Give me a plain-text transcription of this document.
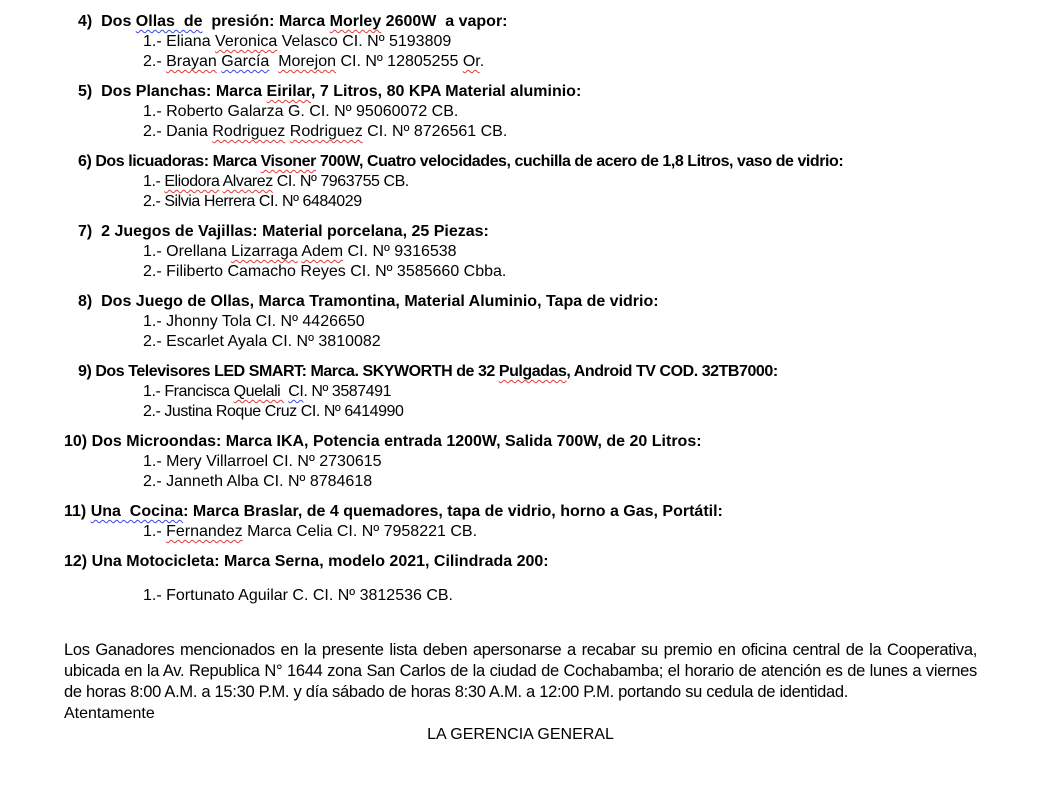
4)  Dos Ollas  de  presión: Marca Morley 2600W  a vapor:
1.- Eliana Veronica Velasco CI. Nº 5193809
2.- Brayan García Morejon CI. Nº 12805255 Or.
5)  Dos Planchas: Marca Eirilar, 7 Litros, 80 KPA Material aluminio:
1.- Roberto Galarza G. CI. Nº 95060072 CB.
2.- Dania Rodriguez Rodriguez CI. Nº 8726561 CB.
6) Dos licuadoras: Marca Visoner 700W, Cuatro velocidades, cuchilla de acero de 1,8 Litros, vaso de vidrio:
1.- Eliodora Alvarez CI. Nº 7963755 CB.
2.- Silvia Herrera CI. Nº 6484029
7)  2 Juegos de Vajillas: Material porcelana, 25 Piezas:
1.- Orellana Lizarraga Adem CI. Nº 9316538
2.- Filiberto Camacho Reyes CI. Nº 3585660 Cbba.
8)  Dos Juego de Ollas, Marca Tramontina, Material Aluminio, Tapa de vidrio:
1.- Jhonny Tola CI. Nº 4426650
2.- Escarlet Ayala CI. Nº 3810082
9) Dos Televisores LED SMART: Marca. SKYWORTH de 32 Pulgadas, Android TV COD. 32TB7000:
1.- Francisca Quelali  CI. Nº 3587491
2.- Justina Roque Cruz CI. Nº 6414990
10) Dos Microondas: Marca IKA, Potencia entrada 1200W, Salida 700W, de 20 Litros:
1.- Mery Villarroel CI. Nº 2730615
2.- Janneth Alba CI. Nº 8784618
11) Una  Cocina: Marca Braslar, de 4 quemadores, tapa de vidrio, horno a Gas, Portátil:
1.- Fernandez Marca Celia CI. Nº 7958221 CB.
12) Una Motocicleta: Marca Serna, modelo 2021, Cilindrada 200:
1.- Fortunato Aguilar C. CI. Nº 3812536 CB.
Los Ganadores mencionados en la presente lista deben apersonarse a recabar su premio en oficina central de la Cooperativa, ubicada en la Av. Republica N° 1644 zona San Carlos de la ciudad de Cochabamba; el horario de atención es de lunes a viernes de horas 8:00 A.M. a 15:30 P.M. y día sábado de horas 8:30 A.M. a 12:00 P.M. portando su cedula de identidad.
Atentamente
LA GERENCIA GENERAL
